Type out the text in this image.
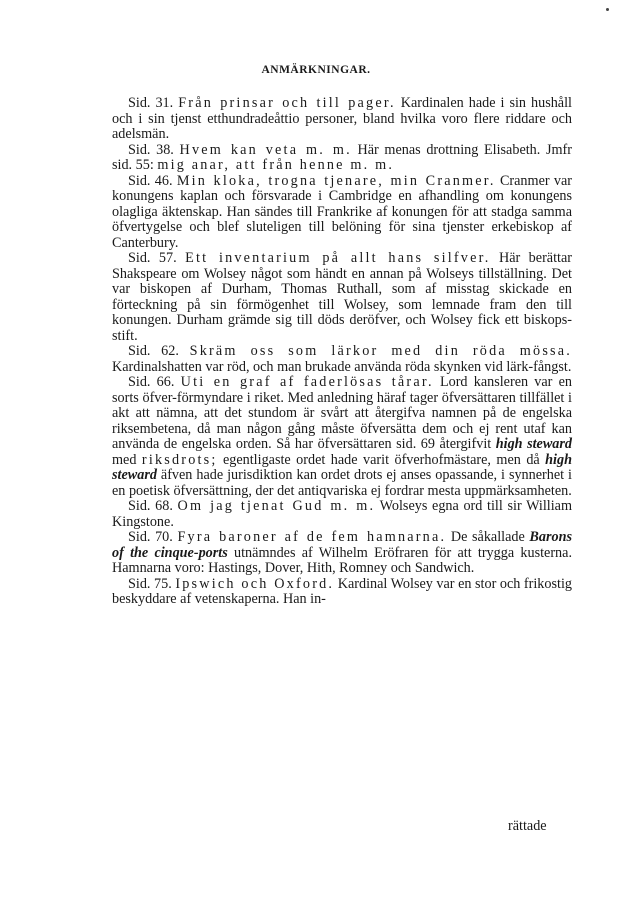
ANMÄRKNINGAR.

Sid. 31. Från prinsar och till pager. Kardinalen hade i sin hushåll och i sin tjenst etthundradeåttio personer, bland hvilka voro flere riddare och adelsmän.

Sid. 38. Hvem kan veta m. m. Här menas drottning Elisabeth. Jmfr sid. 55: mig anar, att från henne m. m.

Sid. 46. Min kloka, trogna tjenare, min Cranmer. Cranmer var konungens kaplan och försvarade i Cambridge en afhandling om konungens olagliga äktenskap. Han sändes till Frankrike af konungen för att stadga samma öfvertygelse och blef sluteligen till belöning för sina tjenster erkebiskop af Canterbury.

Sid. 57. Ett inventarium på allt hans silfver. Här berättar Shakspeare om Wolsey något som händt en annan på Wolseys tillställning. Det var biskopen af Durham, Thomas Ruthall, som af misstag skickade en förteckning på sin förmögenhet till Wolsey, som lemnade fram den till konungen. Durham grämde sig till döds deröfver, och Wolsey fick ett biskops-stift.

Sid. 62. Skräm oss som lärkor med din röda mössa. Kardinalshatten var röd, och man brukade använda röda skynken vid lärk-fångst.

Sid. 66. Uti en graf af faderlösas tårar. Lord kansleren var en sorts öfver-förmyndare i riket. Med anledning häraf tager öfversättaren tillfället i akt att nämna, att det stundom är svårt att återgifva namnen på de engelska riksembetena, då man någon gång måste öfversätta dem och ej rent utaf kan använda de engelska orden. Så har öfversättaren sid. 69 återgifvit high steward med riksdrots; egentligaste ordet hade varit öfverhofmästare, men då high steward äfven hade jurisdiktion kan ordet drots ej anses opassande, i synnerhet i en poetisk öfversättning, der det antiqvariska ej fordrar mesta uppmärksamheten.

Sid. 68. Om jag tjenat Gud m. m. Wolseys egna ord till sir William Kingstone.

Sid. 70. Fyra baroner af de fem hamnarna. De såkallade Barons of the cinque-ports utnämndes af Wilhelm Eröfraren för att trygga kusterna. Hamnarna voro: Hastings, Dover, Hith, Romney och Sandwich.

Sid. 75. Ipswich och Oxford. Kardinal Wolsey var en stor och frikostig beskyddare af vetenskaperna. Han in-

rättade
